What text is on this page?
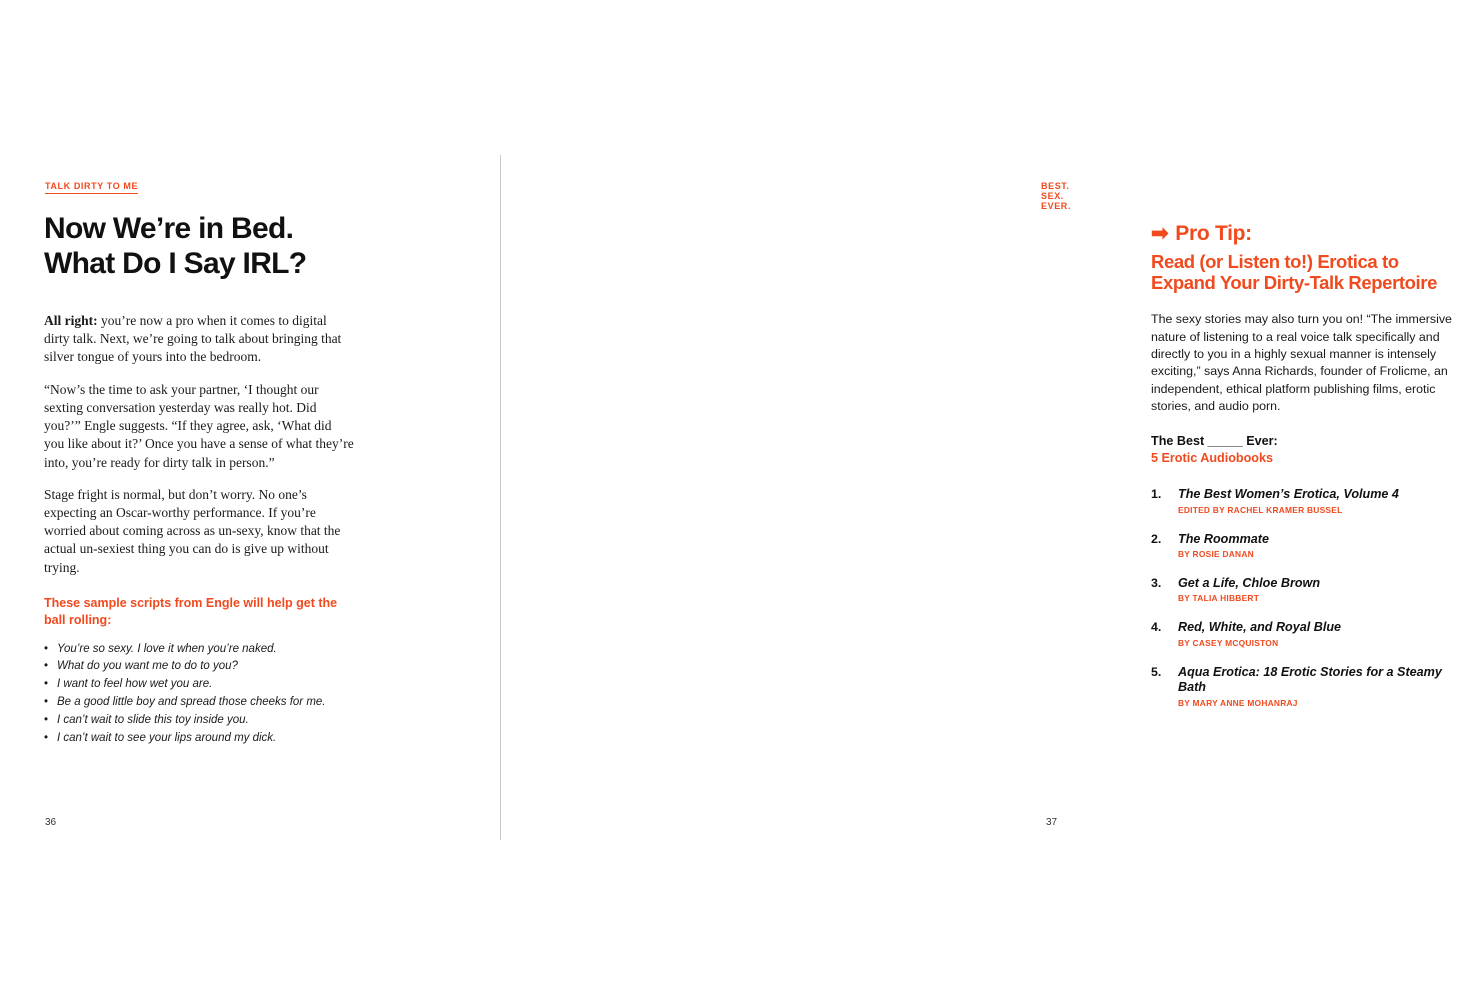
TALK DIRTY TO ME
Now We’re in Bed.
What Do I Say IRL?

All right: you’re now a pro when it comes to digital dirty talk. Next, we’re going to talk about bringing that silver tongue of yours into the bedroom.

“Now’s the time to ask your partner, ‘I thought our sexting conversation yesterday was really hot. Did you?’” Engle suggests. “If they agree, ask, ‘What did you like about it?’ Once you have a sense of what they’re into, you’re ready for dirty talk in person.”

Stage fright is normal, but don’t worry. No one’s expecting an Oscar-worthy performance. If you’re worried about coming across as un-sexy, know that the actual un-sexiest thing you can do is give up without trying.

These sample scripts from Engle will help get the ball rolling:

• You’re so sexy. I love it when you’re naked.
• What do you want me to do to you?
• I want to feel how wet you are.
• Be a good little boy and spread those cheeks for me.
• I can’t wait to slide this toy inside you.
• I can’t wait to see your lips around my dick.
36
BEST. SEX. EVER.
➡ Pro Tip:
Read (or Listen to!) Erotica to Expand Your Dirty-Talk Repertoire
The sexy stories may also turn you on! “The immersive nature of listening to a real voice talk specifically and directly to you in a highly sexual manner is intensely exciting,” says Anna Richards, founder of Frolicme, an independent, ethical platform publishing films, erotic stories, and audio porn.
The Best _____ Ever:
5 Erotic Audiobooks
1. The Best Women’s Erotica, Volume 4
EDITED BY RACHEL KRAMER BUSSEL
2. The Roommate
BY ROSIE DANAN
3. Get a Life, Chloe Brown
BY TALIA HIBBERT
4. Red, White, and Royal Blue
BY CASEY MCQUISTON
5. Aqua Erotica: 18 Erotic Stories for a Steamy Bath
BY MARY ANNE MOHANRAJ
37
